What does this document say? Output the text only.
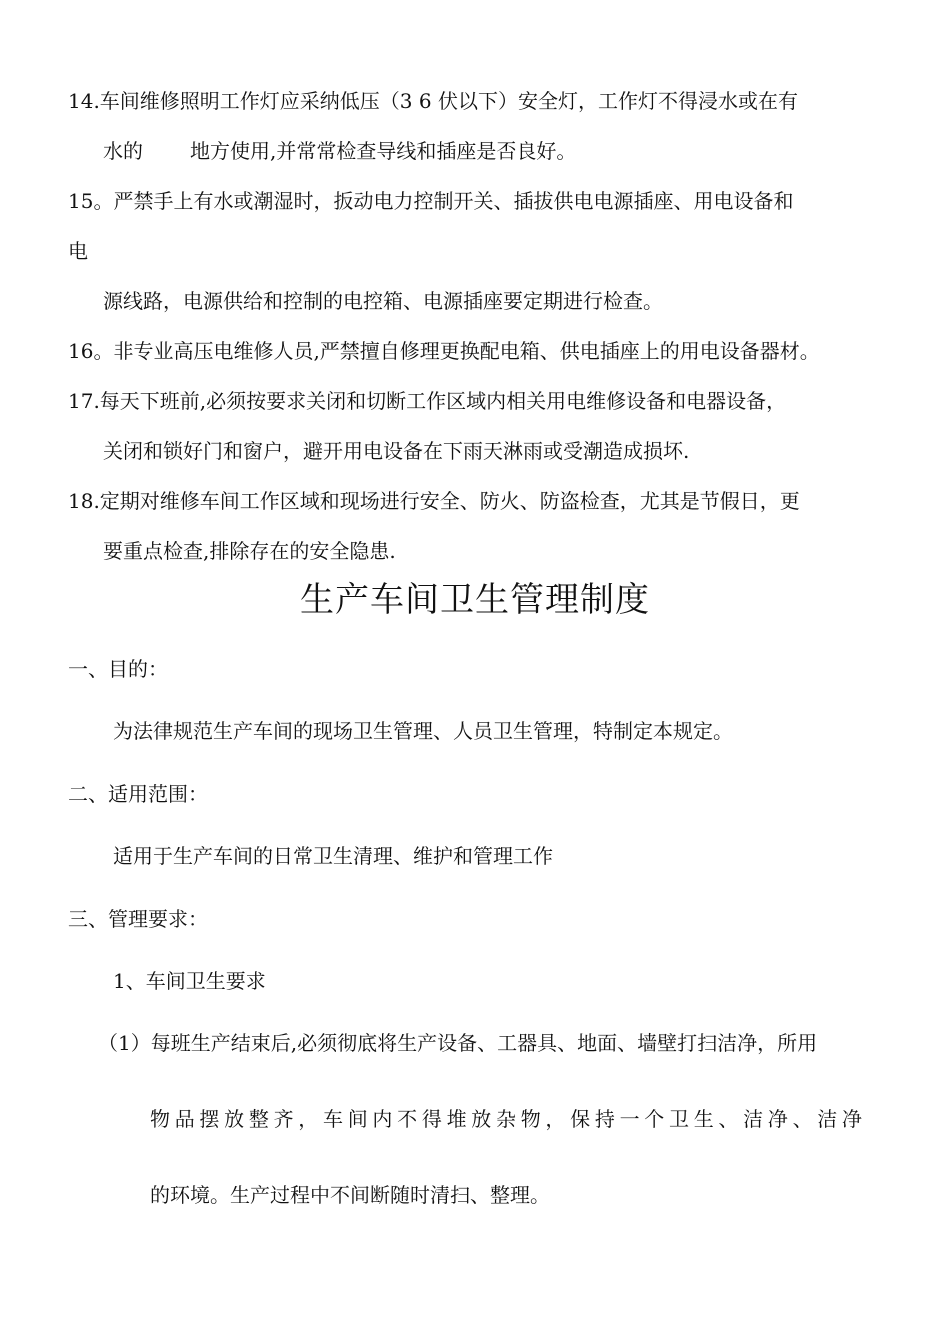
14.车间维修照明工作灯应采纳低压（3 6 伏以下）安全灯，工作灯不得浸水或在有
水的 地方使用,并常常检查导线和插座是否良好。
15。严禁手上有水或潮湿时，扳动电力控制开关、插拔供电电源插座、用电设备和
电
源线路，电源供给和控制的电控箱、电源插座要定期进行检查。
16。非专业高压电维修人员,严禁擅自修理更换配电箱、供电插座上的用电设备器材。
17.每天下班前,必须按要求关闭和切断工作区域内相关用电维修设备和电器设备，
关闭和锁好门和窗户，避开用电设备在下雨天淋雨或受潮造成损坏.
18.定期对维修车间工作区域和现场进行安全、防火、防盗检查，尤其是节假日，更
要重点检查,排除存在的安全隐患.
生产车间卫生管理制度
一、目的：
为法律规范生产车间的现场卫生管理、人员卫生管理，特制定本规定。
二、适用范围：
适用于生产车间的日常卫生清理、维护和管理工作
三、管理要求：
1、车间卫生要求
（1）每班生产结束后,必须彻底将生产设备、工器具、地面、墙壁打扫洁净，所用
物品摆放整齐，车间内不得堆放杂物，保持一个卫生、洁净、洁净
的环境。生产过程中不间断随时清扫、整理。
